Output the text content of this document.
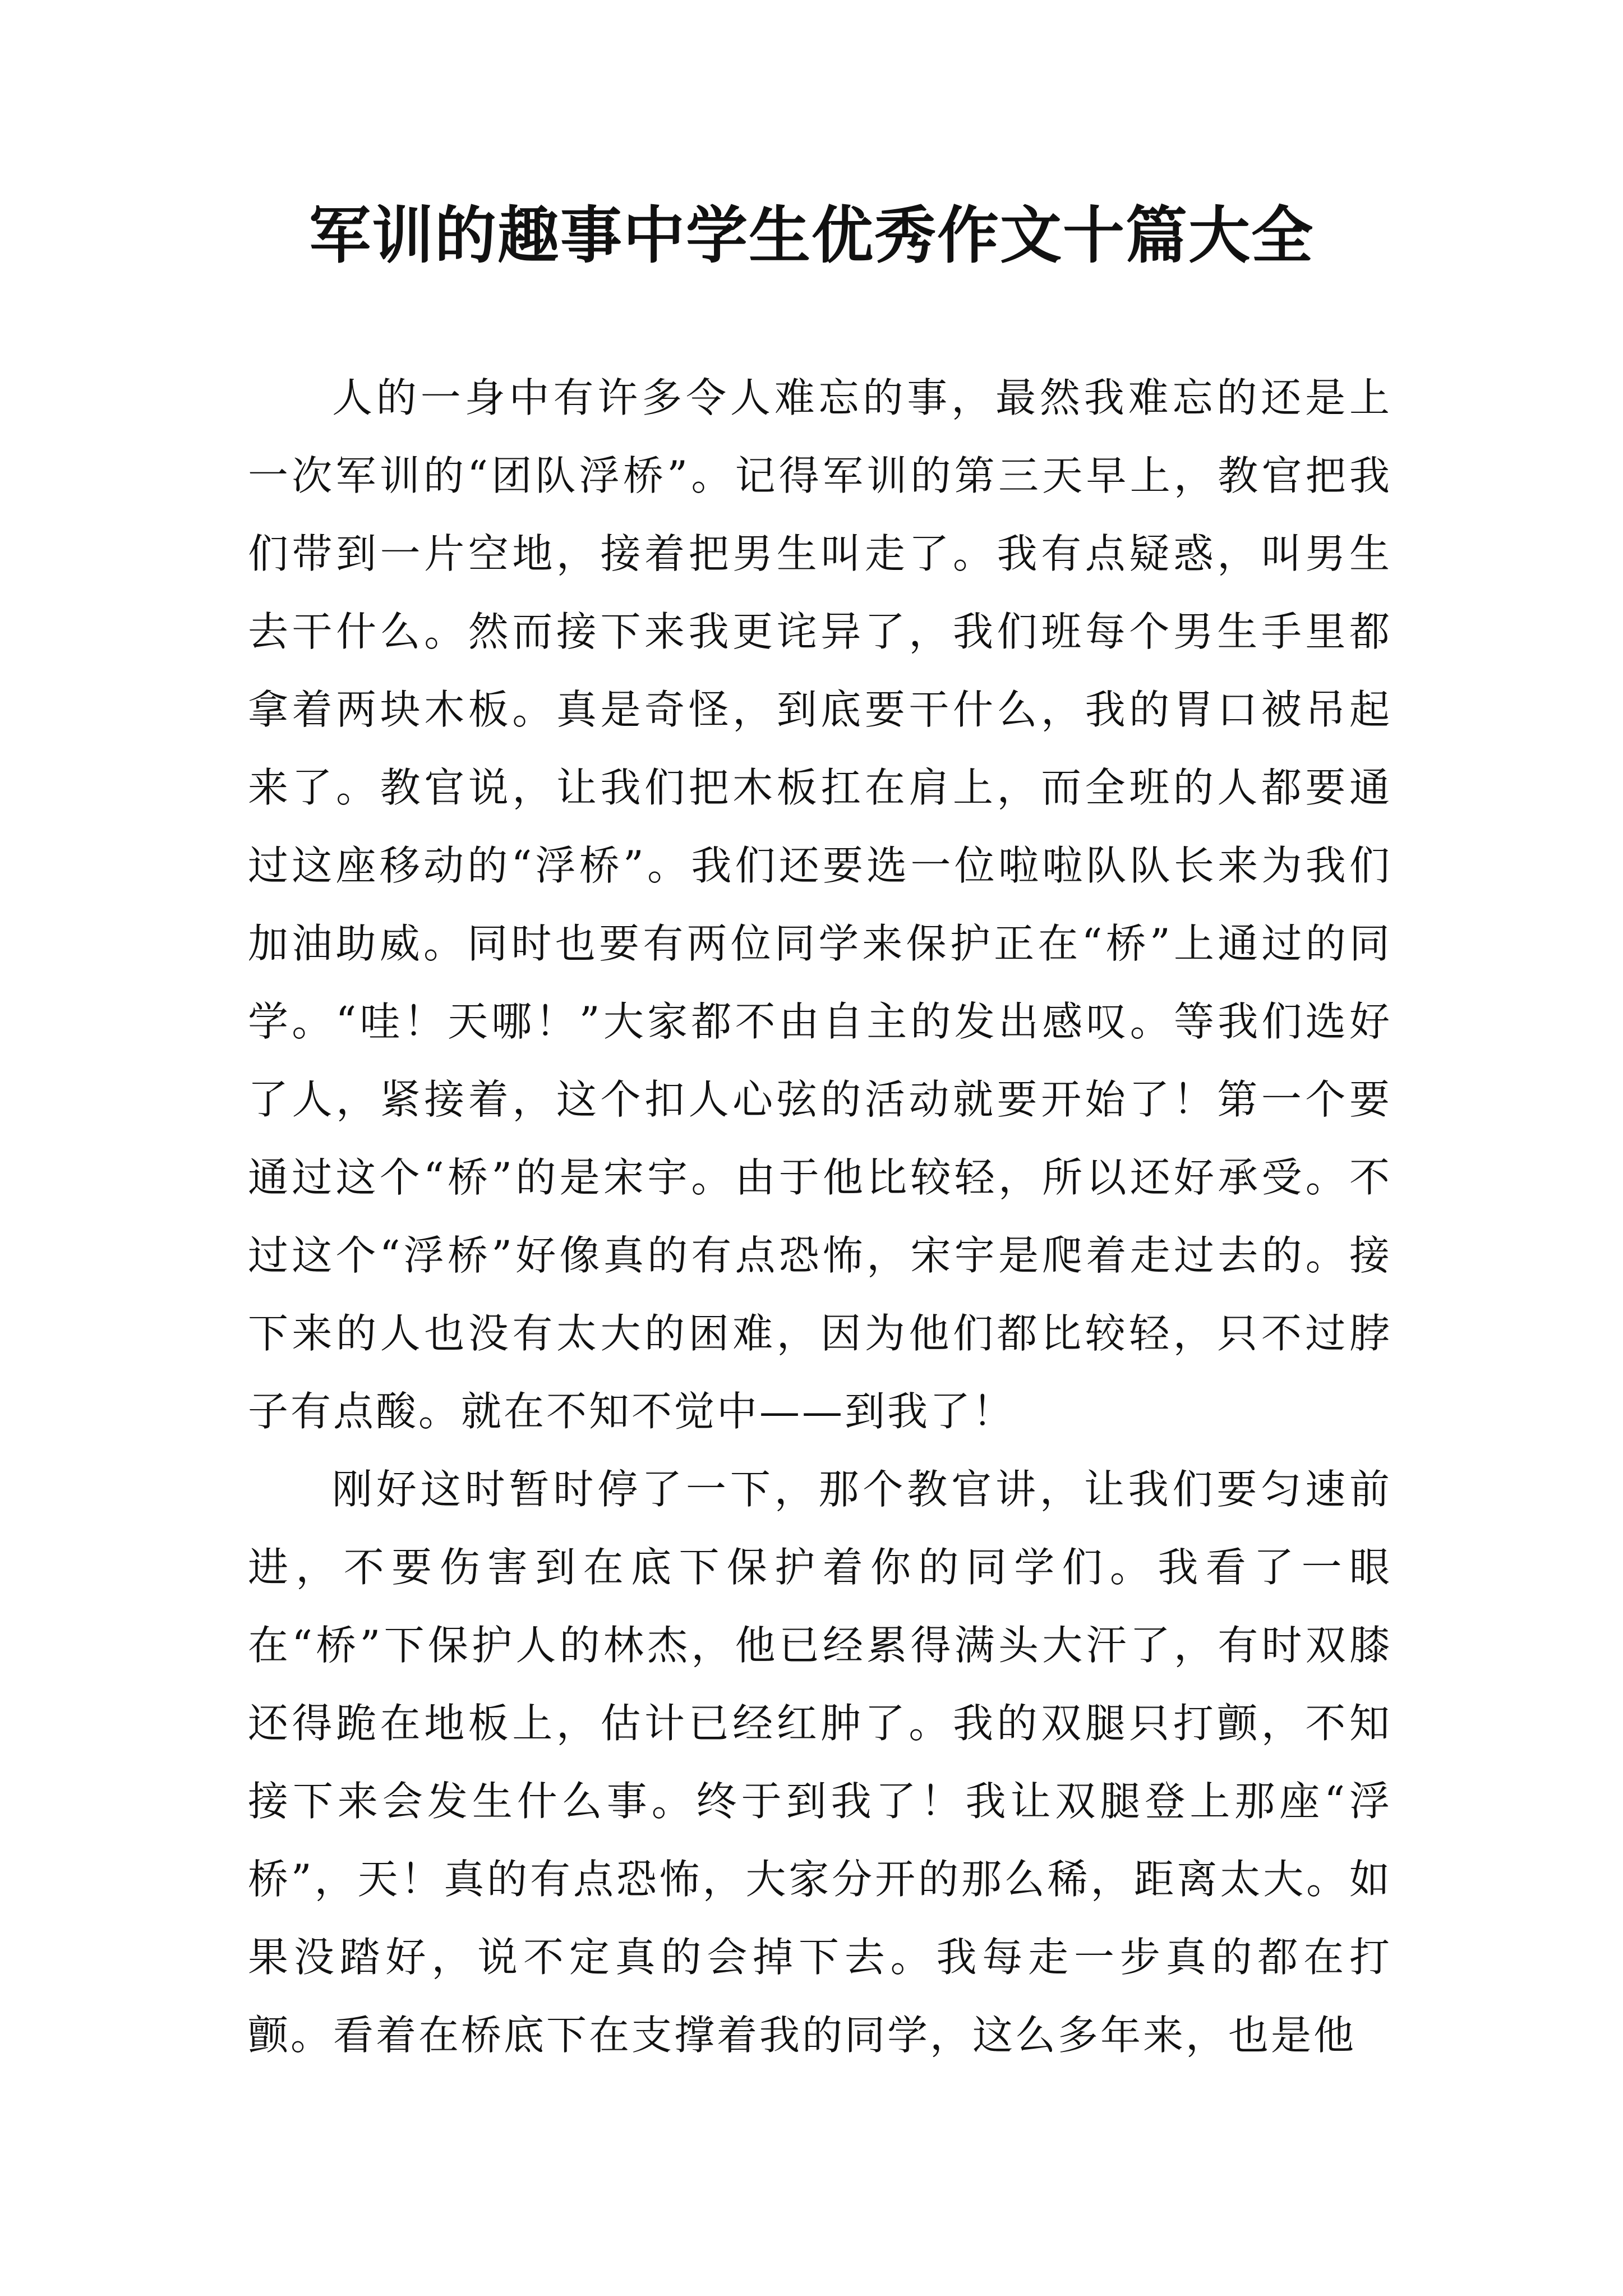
军训的趣事中学生优秀作文十篇大全

人的一身中有许多令人难忘的事，最然我难忘的还是上一次军训的“团队浮桥”。记得军训的第三天早上，教官把我们带到一片空地，接着把男生叫走了。我有点疑惑，叫男生去干什么。然而接下来我更诧异了，我们班每个男生手里都拿着两块木板。真是奇怪，到底要干什么，我的胃口被吊起来了。教官说，让我们把木板扛在肩上，而全班的人都要通过这座移动的“浮桥”。我们还要选一位啦啦队队长来为我们加油助威。同时也要有两位同学来保护正在“桥”上通过的同学。“哇！天哪！”大家都不由自主的发出感叹。等我们选好了人，紧接着，这个扣人心弦的活动就要开始了！第一个要通过这个“桥”的是宋宇。由于他比较轻，所以还好承受。不过这个“浮桥”好像真的有点恐怖，宋宇是爬着走过去的。接下来的人也没有太大的困难，因为他们都比较轻，只不过脖子有点酸。就在不知不觉中——到我了！

刚好这时暂时停了一下，那个教官讲，让我们要匀速前进，不要伤害到在底下保护着你的同学们。我看了一眼在“桥”下保护人的林杰，他已经累得满头大汗了，有时双膝还得跪在地板上，估计已经红肿了。我的双腿只打颤，不知接下来会发生什么事。终于到我了！我让双腿登上那座“浮桥”，天！真的有点恐怖，大家分开的那么稀，距离太大。如果没踏好，说不定真的会掉下去。我每走一步真的都在打颤。看着在桥底下在支撑着我的同学，这么多年来，也是他
